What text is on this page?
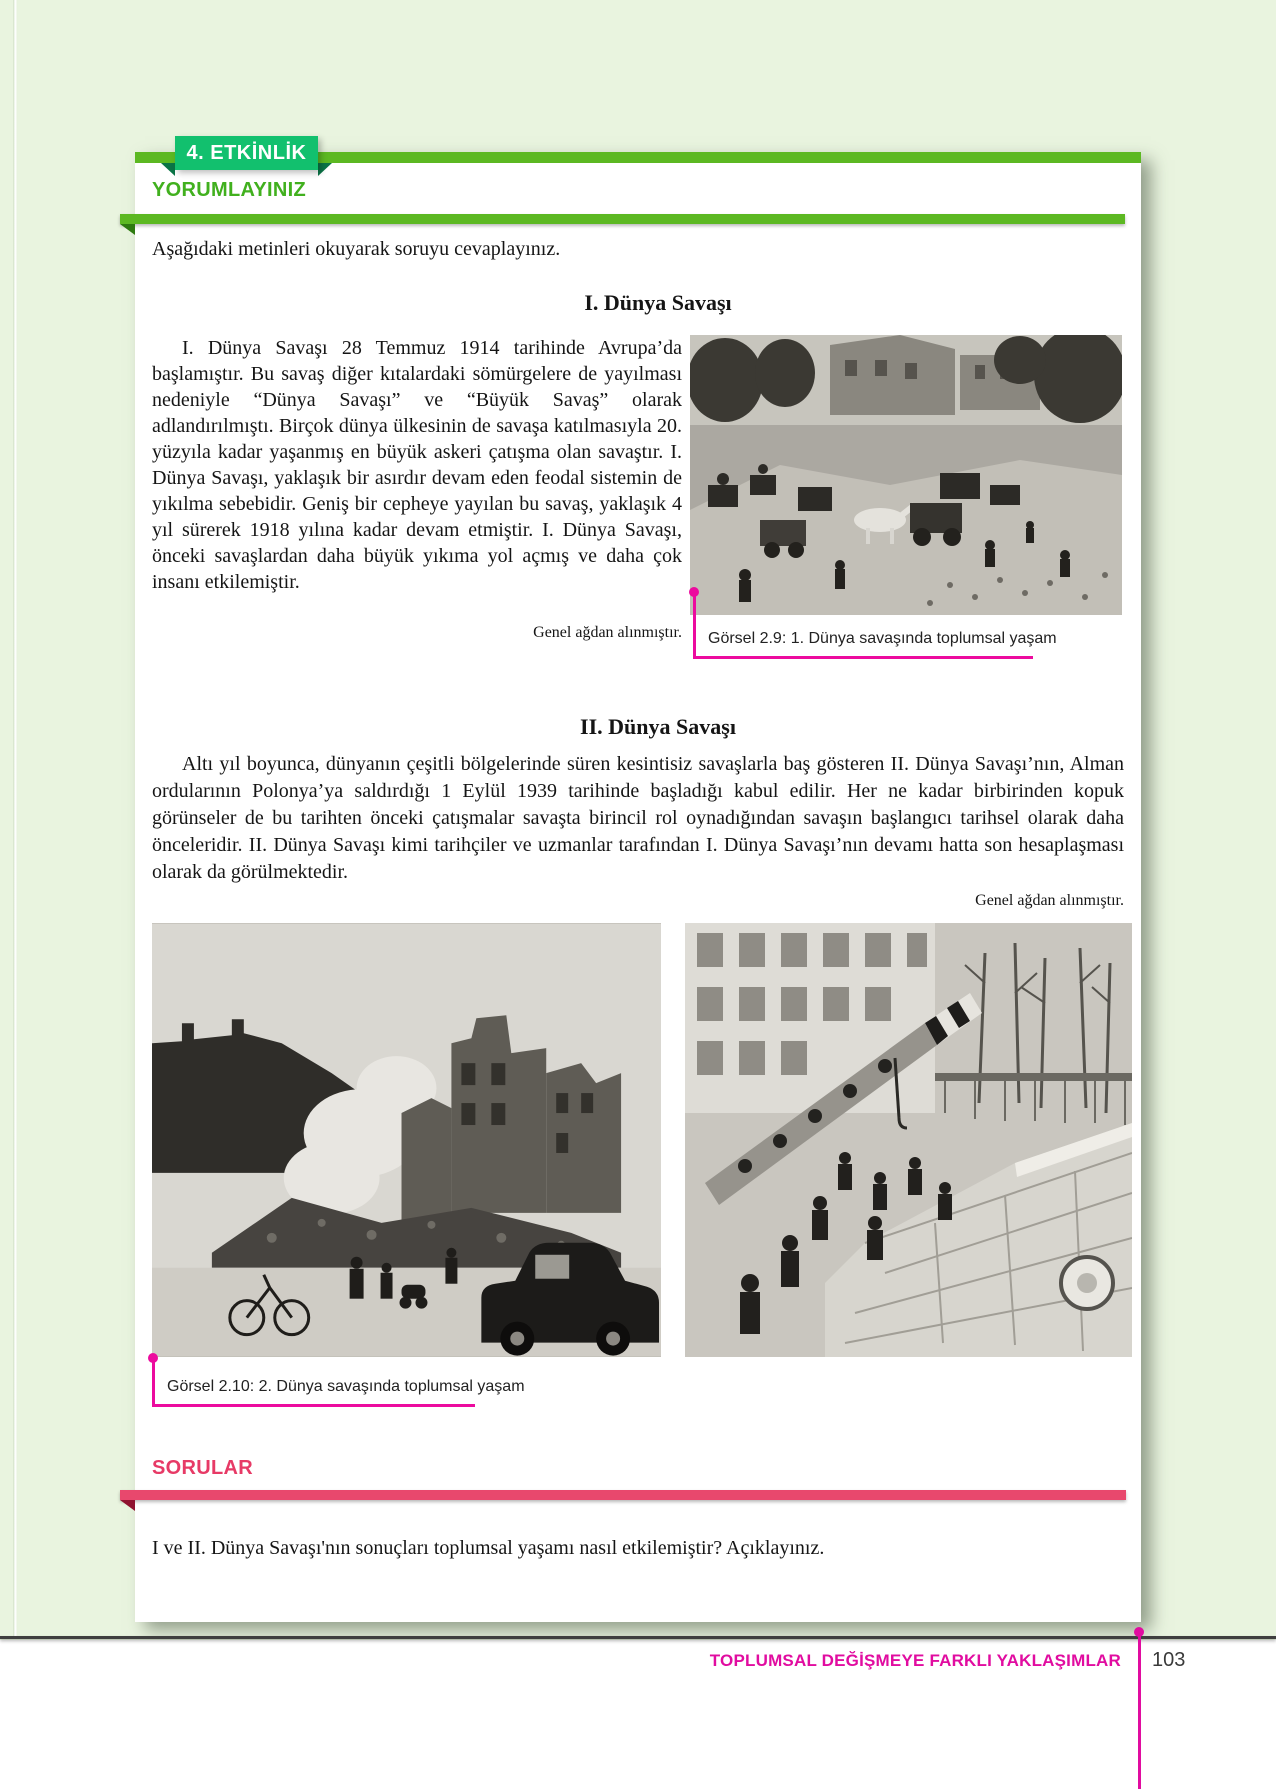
4. ETKİNLİK
YORUMLAYINIZ
Aşağıdaki metinleri okuyarak soruyu cevaplayınız.
I. Dünya Savaşı
I. Dünya Savaşı 28 Temmuz 1914 tarihinde Avrupa’da başlamıştır. Bu savaş diğer kıtalardaki sömürgelere de yayılması nedeniyle “Dünya Savaşı” ve “Büyük Savaş” olarak adlandırılmıştı. Birçok dünya ülkesinin de savaşa katılmasıyla 20. yüzyıla kadar yaşanmış en büyük askeri çatışma olan savaştır. I. Dünya Savaşı, yaklaşık bir asırdır devam eden feodal sistemin de yıkılma sebebidir. Geniş bir cepheye yayılan bu savaş, yaklaşık 4 yıl sürerek 1918 yılına kadar devam etmiştir. I. Dünya Savaşı, önceki savaşlardan daha büyük yıkıma yol açmış ve daha çok insanı etkilemiştir.
Genel ağdan alınmıştır. Görsel 2.9: 1. Dünya savaşında toplumsal yaşam
II. Dünya Savaşı
Altı yıl boyunca, dünyanın çeşitli bölgelerinde süren kesintisiz savaşlarla baş gösteren II. Dünya Savaşı’nın, Alman ordularının Polonya’ya saldırdığı 1 Eylül 1939 tarihinde başladığı kabul edilir. Her ne kadar birbirinden kopuk görünseler de bu tarihten önceki çatışmalar savaşta birincil rol oynadığından savaşın başlangıcı tarihsel olarak daha önceleridir. II. Dünya Savaşı kimi tarihçiler ve uzmanlar tarafından I. Dünya Savaşı’nın devamı hatta son hesaplaşması olarak da görülmektedir.
Genel ağdan alınmıştır.
Görsel 2.10: 2. Dünya savaşında toplumsal yaşam
SORULAR
I ve II. Dünya Savaşı'nın sonuçları toplumsal yaşamı nasıl etkilemiştir? Açıklayınız.
TOPLUMSAL DEĞİŞMEYE FARKLI YAKLAŞIMLAR 103
